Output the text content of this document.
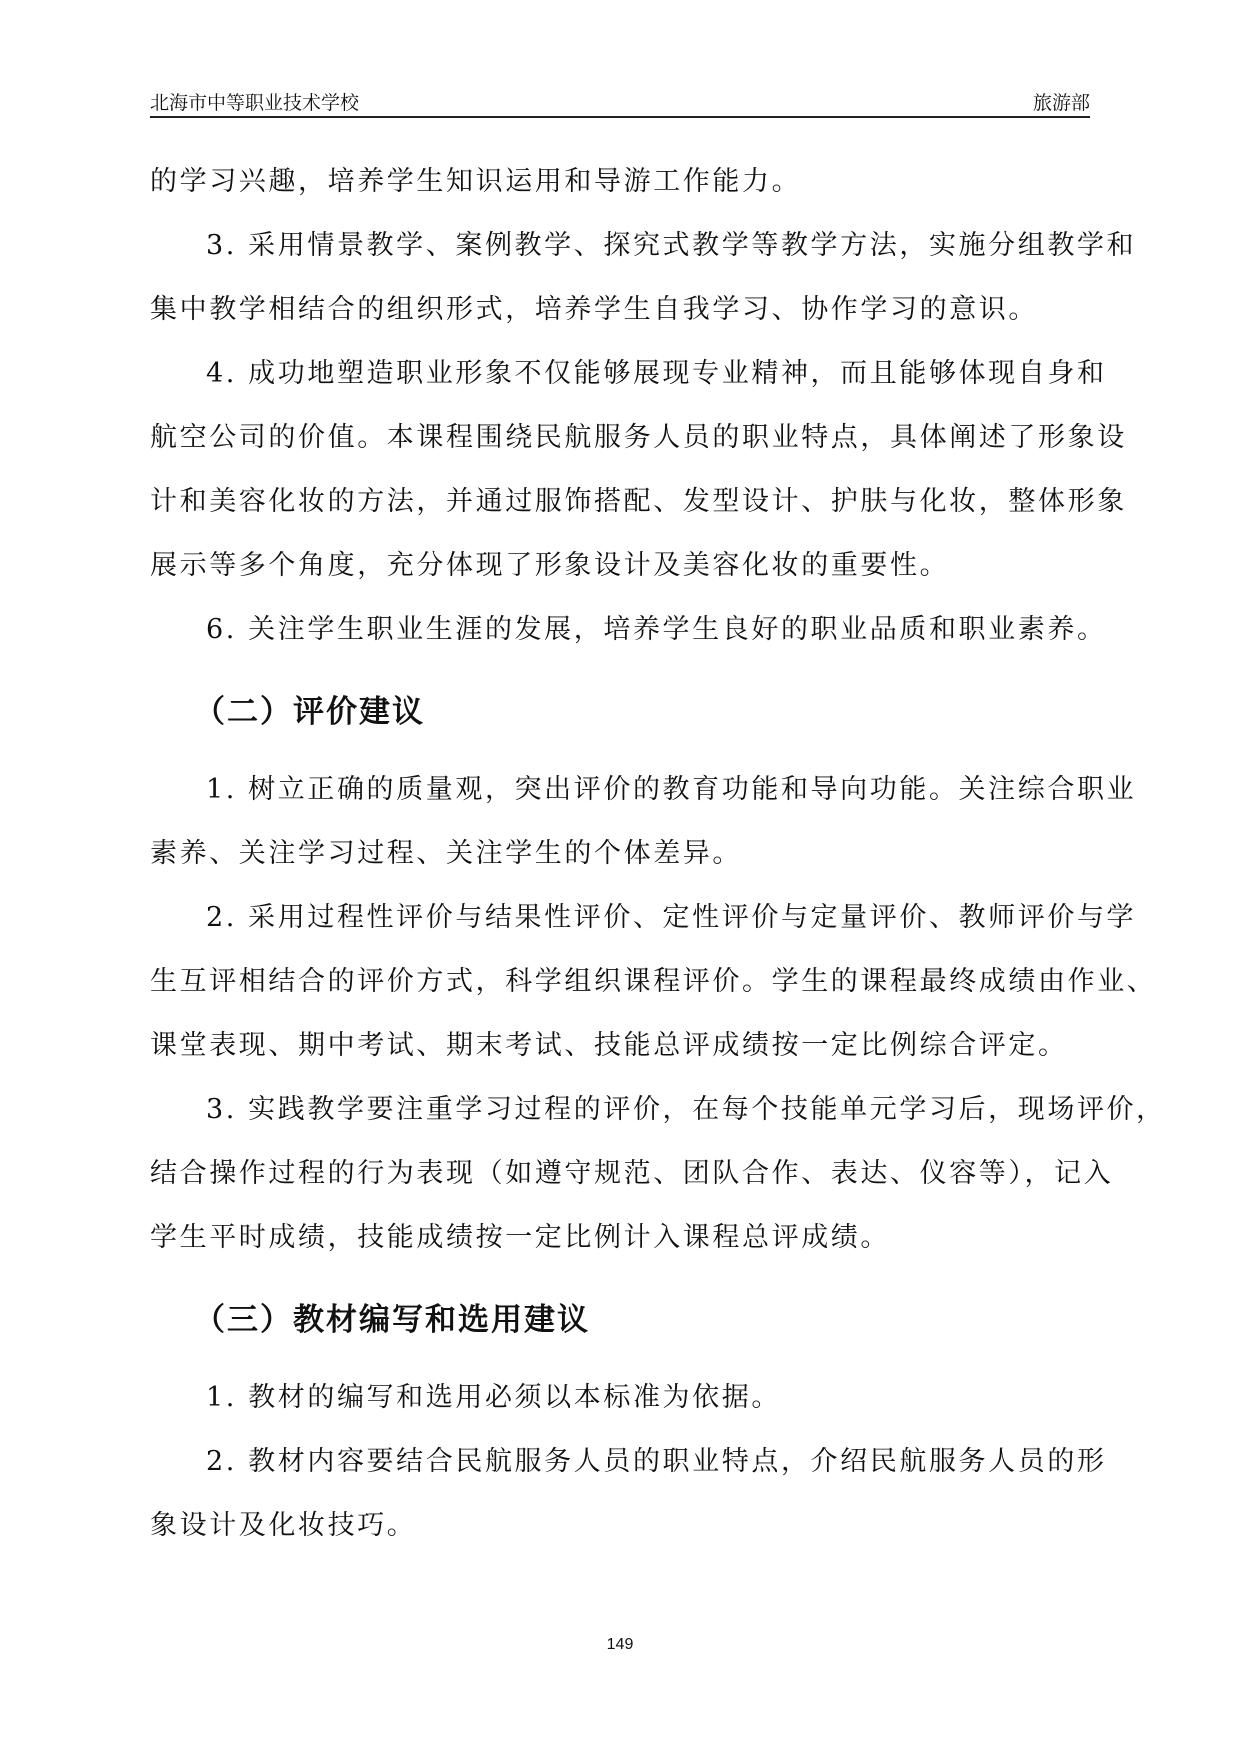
北海市中等职业技术学校	旅游部
的学习兴趣，培养学生知识运用和导游工作能力。
3. 采用情景教学、案例教学、探究式教学等教学方法，实施分组教学和
集中教学相结合的组织形式，培养学生自我学习、协作学习的意识。
4. 成功地塑造职业形象不仅能够展现专业精神，而且能够体现自身和
航空公司的价值。本课程围绕民航服务人员的职业特点，具体阐述了形象设
计和美容化妆的方法，并通过服饰搭配、发型设计、护肤与化妆，整体形象
展示等多个角度，充分体现了形象设计及美容化妆的重要性。
6. 关注学生职业生涯的发展，培养学生良好的职业品质和职业素养。
（二）评价建议
1. 树立正确的质量观，突出评价的教育功能和导向功能。关注综合职业
素养、关注学习过程、关注学生的个体差异。
2. 采用过程性评价与结果性评价、定性评价与定量评价、教师评价与学
生互评相结合的评价方式，科学组织课程评价。学生的课程最终成绩由作业、
课堂表现、期中考试、期末考试、技能总评成绩按一定比例综合评定。
3. 实践教学要注重学习过程的评价，在每个技能单元学习后，现场评价，
结合操作过程的行为表现（如遵守规范、团队合作、表达、仪容等），记入
学生平时成绩，技能成绩按一定比例计入课程总评成绩。
（三）教材编写和选用建议
1. 教材的编写和选用必须以本标准为依据。
2. 教材内容要结合民航服务人员的职业特点，介绍民航服务人员的形
象设计及化妆技巧。
149
